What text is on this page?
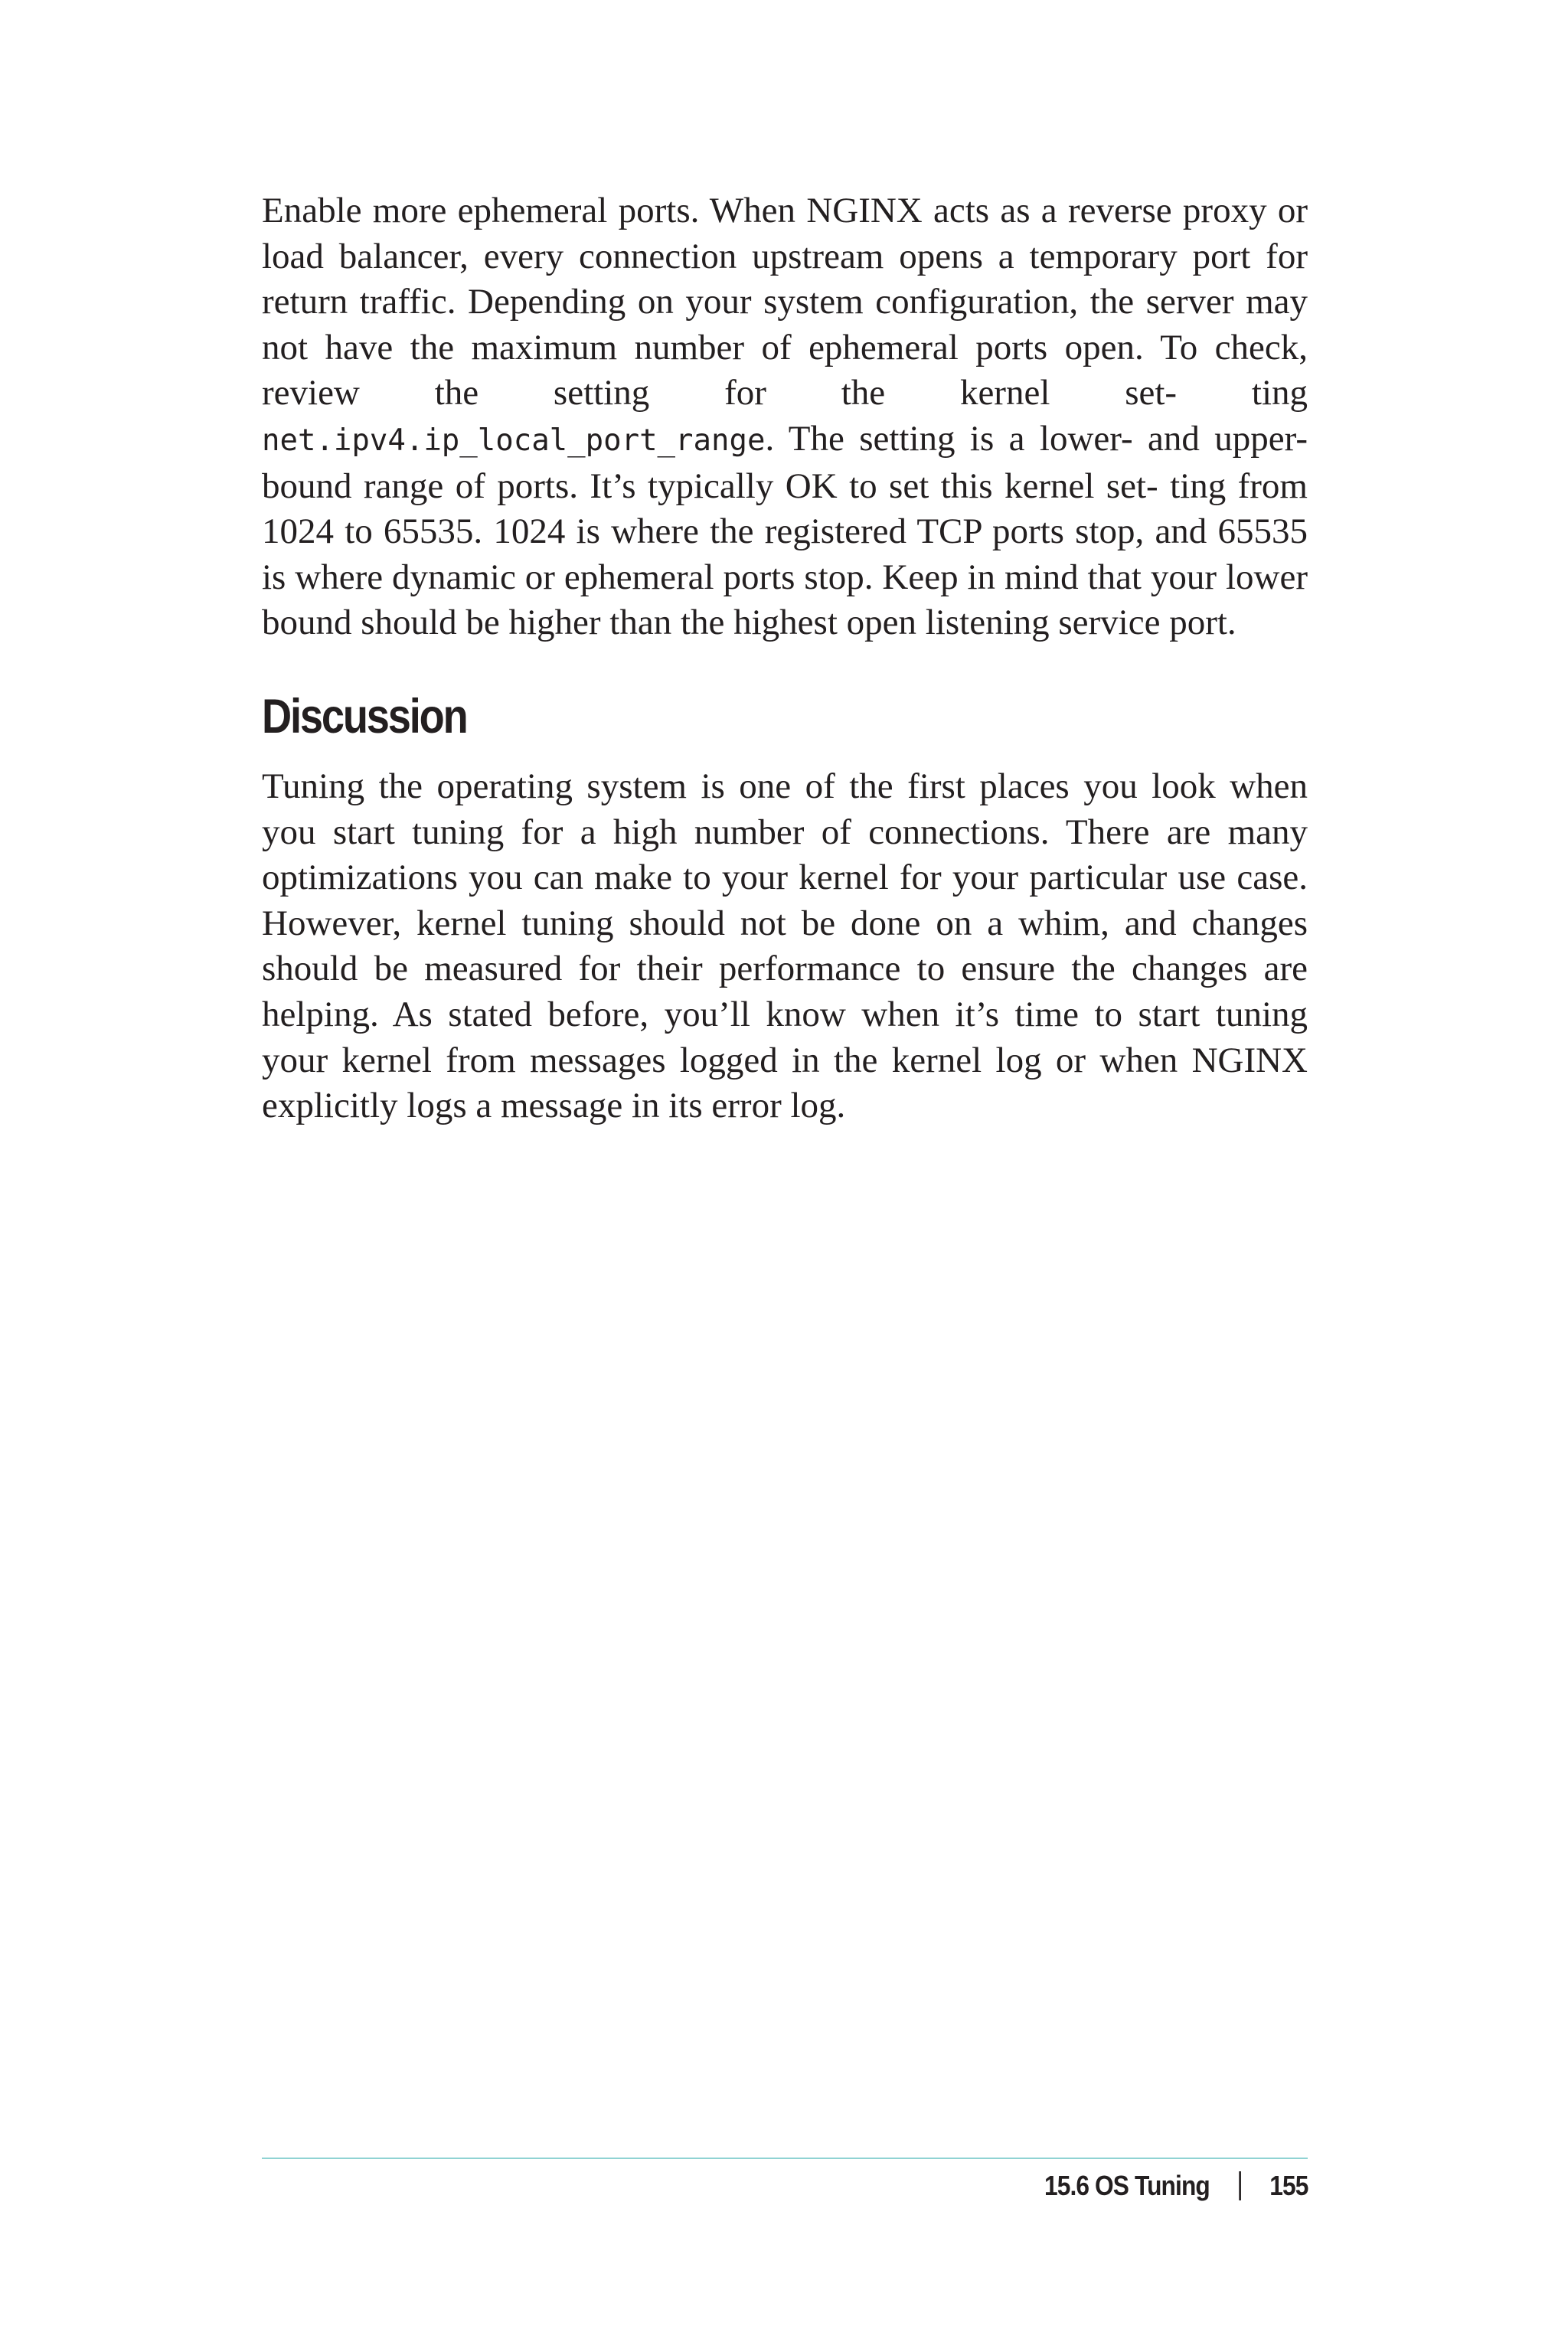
Enable more ephemeral ports. When NGINX acts as a reverse proxy or load balancer, every connection upstream opens a temporary port for return traffic. Depending on your system configuration, the server may not have the maximum number of ephemeral ports open. To check, review the setting for the kernel set- ting net.ipv4.ip_local_port_range. The setting is a lower- and upper-bound range of ports. It’s typically OK to set this kernel set- ting from 1024 to 65535. 1024 is where the registered TCP ports stop, and 65535 is where dynamic or ephemeral ports stop. Keep in mind that your lower bound should be higher than the highest open listening service port.

Discussion

Tuning the operating system is one of the first places you look when you start tuning for a high number of connections. There are many optimizations you can make to your kernel for your particular use case. However, kernel tuning should not be done on a whim, and changes should be measured for their performance to ensure the changes are helping. As stated before, you’ll know when it’s time to start tuning your kernel from messages logged in the kernel log or when NGINX explicitly logs a message in its error log.

15.6 OS Tuning 155
